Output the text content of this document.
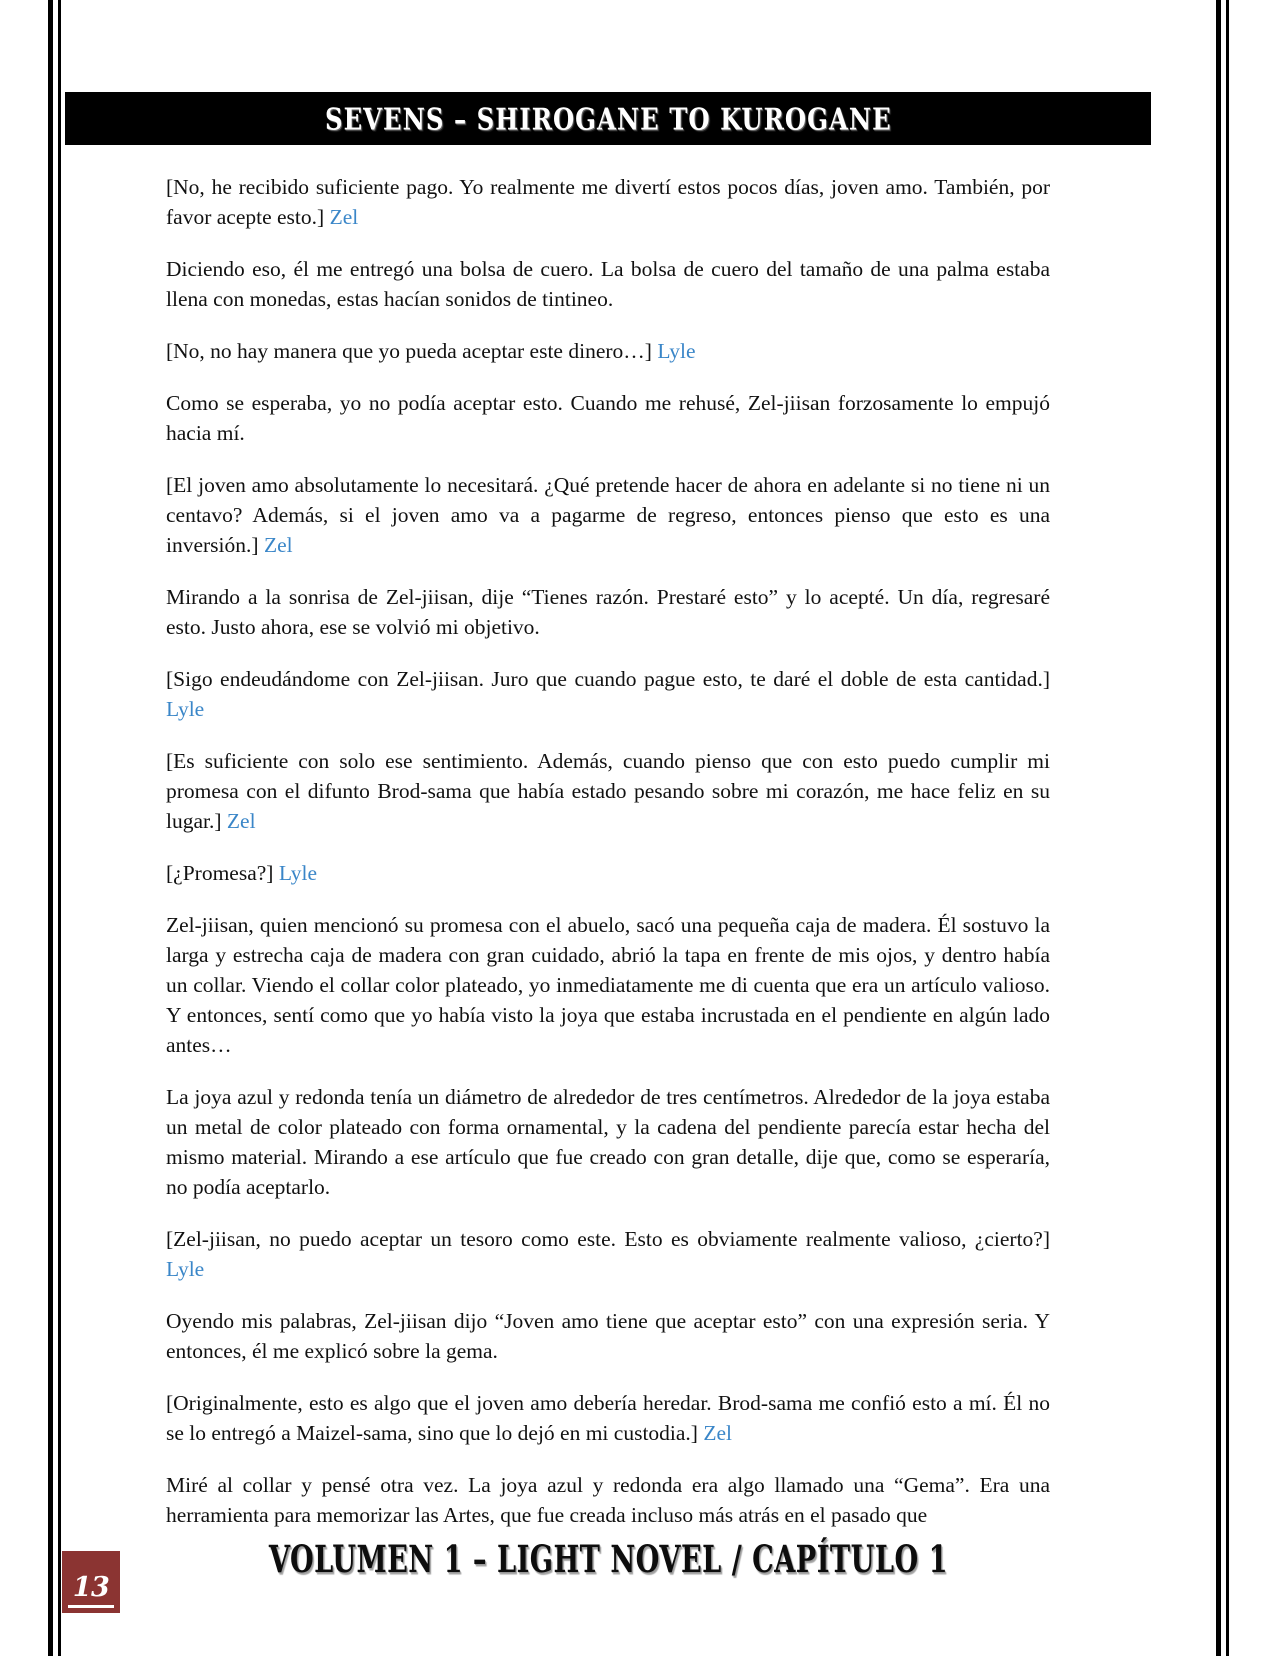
SEVENS – SHIROGANE TO KUROGANE

[No, he recibido suficiente pago. Yo realmente me divertí estos pocos días, joven amo. También, por favor acepte esto.] Zel

Diciendo eso, él me entregó una bolsa de cuero. La bolsa de cuero del tamaño de una palma estaba llena con monedas, estas hacían sonidos de tintineo.

[No, no hay manera que yo pueda aceptar este dinero…] Lyle

Como se esperaba, yo no podía aceptar esto. Cuando me rehusé, Zel-jiisan forzosamente lo empujó hacia mí.

[El joven amo absolutamente lo necesitará. ¿Qué pretende hacer de ahora en adelante si no tiene ni un centavo? Además, si el joven amo va a pagarme de regreso, entonces pienso que esto es una inversión.] Zel

Mirando a la sonrisa de Zel-jiisan, dije “Tienes razón. Prestaré esto” y lo acepté. Un día, regresaré esto. Justo ahora, ese se volvió mi objetivo.

[Sigo endeudándome con Zel-jiisan. Juro que cuando pague esto, te daré el doble de esta cantidad.] Lyle

[Es suficiente con solo ese sentimiento. Además, cuando pienso que con esto puedo cumplir mi promesa con el difunto Brod-sama que había estado pesando sobre mi corazón, me hace feliz en su lugar.] Zel

[¿Promesa?] Lyle

Zel-jiisan, quien mencionó su promesa con el abuelo, sacó una pequeña caja de madera. Él sostuvo la larga y estrecha caja de madera con gran cuidado, abrió la tapa en frente de mis ojos, y dentro había un collar. Viendo el collar color plateado, yo inmediatamente me di cuenta que era un artículo valioso. Y entonces, sentí como que yo había visto la joya que estaba incrustada en el pendiente en algún lado antes…

La joya azul y redonda tenía un diámetro de alrededor de tres centímetros. Alrededor de la joya estaba un metal de color plateado con forma ornamental, y la cadena del pendiente parecía estar hecha del mismo material. Mirando a ese artículo que fue creado con gran detalle, dije que, como se esperaría, no podía aceptarlo.

[Zel-jiisan, no puedo aceptar un tesoro como este. Esto es obviamente realmente valioso, ¿cierto?] Lyle

Oyendo mis palabras, Zel-jiisan dijo “Joven amo tiene que aceptar esto” con una expresión seria. Y entonces, él me explicó sobre la gema.

[Originalmente, esto es algo que el joven amo debería heredar. Brod-sama me confió esto a mí. Él no se lo entregó a Maizel-sama, sino que lo dejó en mi custodia.] Zel

Miré al collar y pensé otra vez. La joya azul y redonda era algo llamado una “Gema”. Era una herramienta para memorizar las Artes, que fue creada incluso más atrás en el pasado que

VOLUMEN 1 – LIGHT NOVEL / CAPÍTULO 1
13
